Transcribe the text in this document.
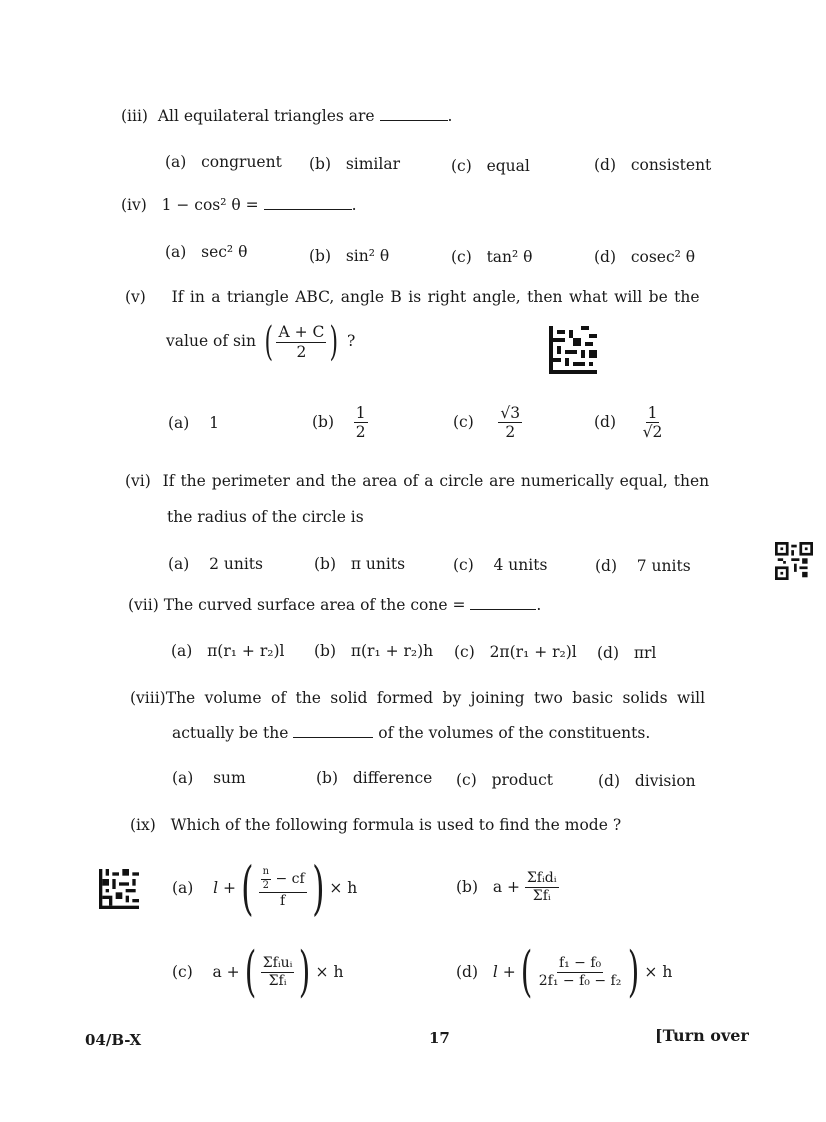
(iii) All equilateral triangles are	.
(a) congruent (b) similar	(c) equal	(d) consistent
(iv) 1 − cos² θ =	.
(a) sec² θ	(b) sin² θ	(c) tan² θ	(d) cosec² θ
(v) If in a triangle ABC, angle B is right angle, then what will be the
value of sin ( $\frac{A + C}{2}$ ) ?
(a) 1	$(b) \frac{1}{2}$	$(c) \frac{√3}{2}$	$(d) \frac{1}{√2}$
(vi) If the perimeter and the area of a circle are numerically equal, then
the radius of the circle is
(a) 2 units	(b) π units	(c) 4 units	(d) 7 units
(vii) The curved surface area of the cone =	.
(a) π(r₁ + r₂)l (b) π(r₁ + r₂)h (c) 2π(r₁ + r₂)l (d) πrl
(viii)The volume of the solid formed by joining two basic solids will
actually be the	of the volumes of the constituents.
(a) sum	(b) difference (c) product	(d) division
(ix) Which of the following formula is used to find the mode ?
(a)
l + ( $\frac{\frac{n}{2} - cf}{f}$ ) × h	(b)
a +
$\frac{\text{Σfᵢdᵢ}}{\text{Σfᵢ}}$
(c)
a + ( $\frac{\text{Σfᵢuᵢ}}{\text{Σfᵢ}}$ ) × h	(d)
l + ( $\frac{\text{f₁ − f₀}}{\text{2f₁ − f₀ − f₂}}$ ) × h
04/B-X	17	[Turn over
